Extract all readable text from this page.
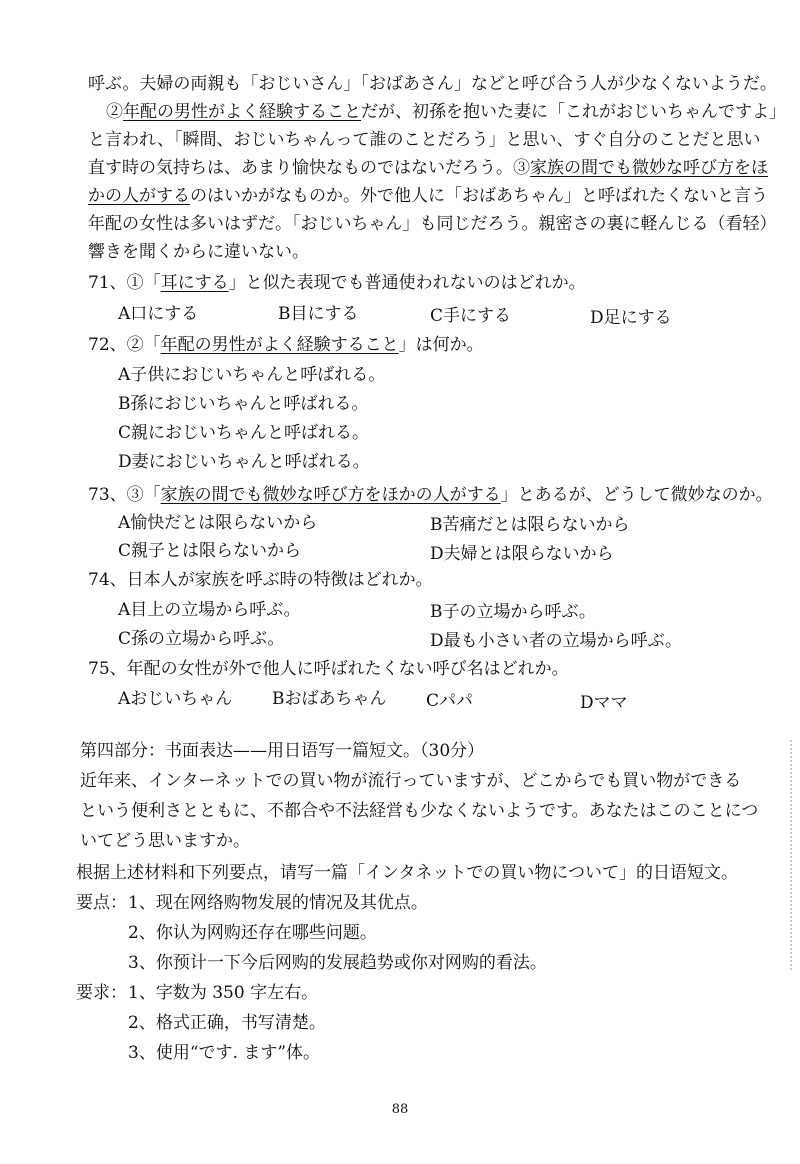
呼ぶ。夫婦の両親も「おじいさん」「おばあさん」などと呼び合う人が少なくないようだ。
②年配の男性がよく経験することだが、初孫を抱いた妻に「これがおじいちゃんですよ」
と言われ、「瞬間、おじいちゃんって誰のことだろう」と思い、すぐ自分のことだと思い
直す時の気持ちは、あまり愉快なものではないだろう。③家族の間でも微妙な呼び方をほ
かの人がするのはいかがなものか。外で他人に「おばあちゃん」と呼ばれたくないと言う
年配の女性は多いはずだ。「おじいちゃん」も同じだろう。親密さの裏に軽んじる（看轻）
響きを聞くからに違いない。
71、①「耳にする」と似た表现でも普通使われないのはどれか。
A口にする	B目にする	C手にする	D足にする
72、②「年配の男性がよく経験すること」は何か。
A子供におじいちゃんと呼ばれる。
B孫におじいちゃんと呼ばれる。
C親におじいちゃんと呼ばれる。
D妻におじいちゃんと呼ばれる。
73、③「家族の間でも微妙な呼び方をほかの人がする」とあるが、どうして微妙なのか。
A愉快だとは限らないから	B苦痛だとは限らないから
C親子とは限らないから	D夫婦とは限らないから
74、日本人が家族を呼ぶ時の特徴はどれか。
A目上の立場から呼ぶ。	B子の立場から呼ぶ。
C孫の立場から呼ぶ。	D最も小さい者の立場から呼ぶ。
75、年配の女性が外で他人に呼ばれたくない呼び名はどれか。
Aおじいちゃん Bおばあちゃん Cパパ	Dママ
第四部分：书面表达——用日语写一篇短文。（30分）
近年来、インターネットでの買い物が流行っていますが、どこからでも買い物ができる
という便利さとともに、不都合や不法経営も少なくないようです。あなたはこのことにつ
いてどう思いますか。
根据上述材料和下列要点，请写一篇「インタネットでの買い物について」的日语短文。
要点： 1、现在网络购物发展的情况及其优点。
2、你认为网购还存在哪些问题。
3、你预计一下今后网购的发展趋势或你对网购的看法。
要求： 1、字数为 350 字左右。
2、格式正确，书写清楚。
3、使用“です. ます”体。
88
